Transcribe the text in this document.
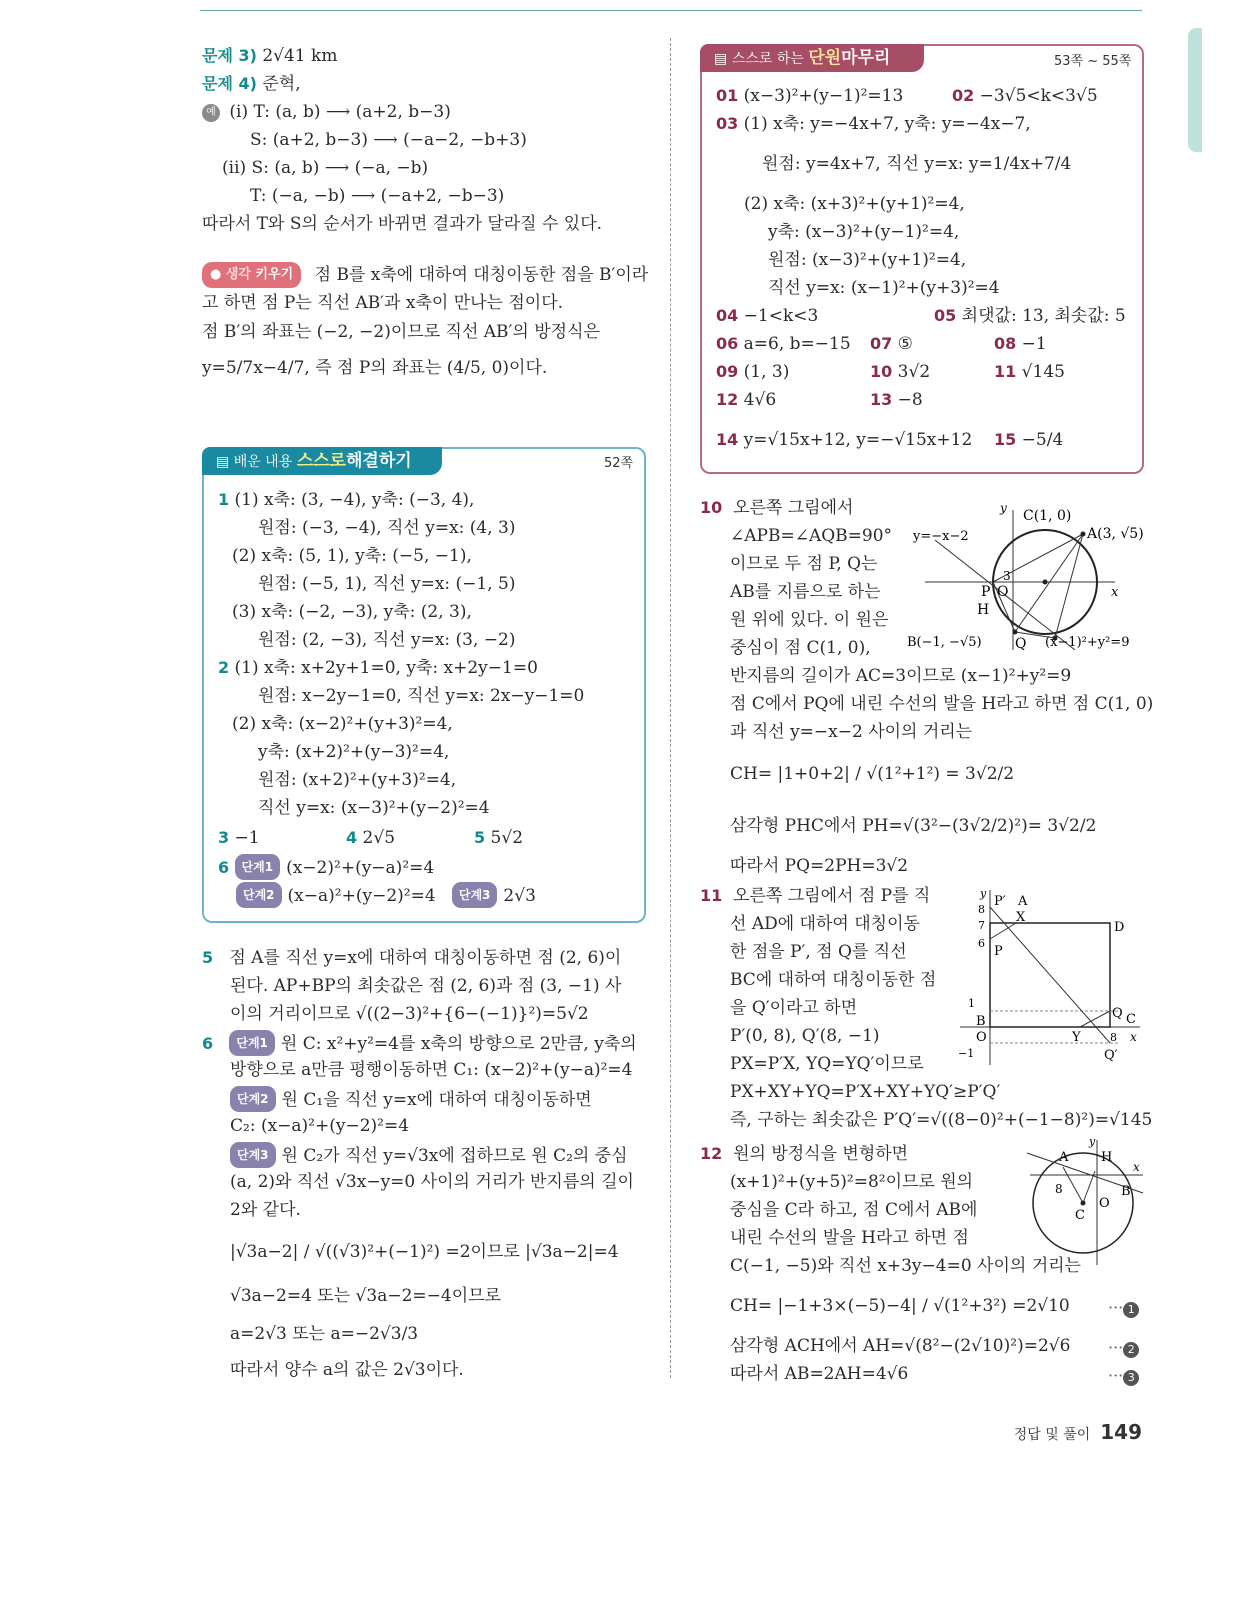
문제 3) 2√41 km
문제 4) 준혁,
예 (i) T: (a, b) ⟶ (a+2, b−3)
S: (a+2, b−3) ⟶ (−a−2, −b+3)
(ii) S: (a, b) ⟶ (−a, −b)
T: (−a, −b) ⟶ (−a+2, −b−3)
따라서 T와 S의 순서가 바뀌면 결과가 달라질 수 있다.
● 생각 키우기 점 B를 x축에 대하여 대칭이동한 점을 B′이라
고 하면 점 P는 직선 AB′과 x축이 만나는 점이다.
점 B′의 좌표는 (−2, −2)이므로 직선 AB′의 방정식은
y=5/7x−4/7, 즉 점 P의 좌표는 (4/5, 0)이다.
▤ 배운 내용 스스로해결하기	52쪽
1 (1) x축: (3, −4), y축: (−3, 4),
원점: (−3, −4), 직선 y=x: (4, 3)
(2) x축: (5, 1), y축: (−5, −1),
원점: (−5, 1), 직선 y=x: (−1, 5)
(3) x축: (−2, −3), y축: (2, 3),
원점: (2, −3), 직선 y=x: (3, −2)
2 (1) x축: x+2y+1=0, y축: x+2y−1=0
원점: x−2y−1=0, 직선 y=x: 2x−y−1=0
(2) x축: (x−2)²+(y+3)²=4,
y축: (x+2)²+(y−3)²=4,
원점: (x+2)²+(y+3)²=4,
직선 y=x: (x−3)²+(y−2)²=4
3 −1	4 2√5	5 5√2
6 단계1 (x−2)²+(y−a)²=4
단계2 (x−a)²+(y−2)²=4 단계3 2√3
5 점 A를 직선 y=x에 대하여 대칭이동하면 점 (2, 6)이
된다. AP+BP의 최솟값은 점 (2, 6)과 점 (3, −1) 사
이의 거리이므로 √((2−3)²+{6−(−1)}²)=5√2
6 단계1 원 C: x²+y²=4를 x축의 방향으로 2만큼, y축의
방향으로 a만큼 평행이동하면 C₁: (x−2)²+(y−a)²=4
단계2 원 C₁을 직선 y=x에 대하여 대칭이동하면
C₂: (x−a)²+(y−2)²=4
단계3 원 C₂가 직선 y=√3x에 접하므로 원 C₂의 중심
(a, 2)와 직선 √3x−y=0 사이의 거리가 반지름의 길이
2와 같다.
|√3a−2| / √((√3)²+(−1)²) =2이므로 |√3a−2|=4
√3a−2=4 또는 √3a−2=−4이므로
a=2√3 또는 a=−2√3/3
따라서 양수 a의 값은 2√3이다.
▤ 스스로 하는 단원마무리	53쪽 ~ 55쪽
01 (x−3)²+(y−1)²=13	02 −3√5<k<3√5
03 (1) x축: y=−4x+7, y축: y=−4x−7,
원점: y=4x+7, 직선 y=x: y=1/4x+7/4
(2) x축: (x+3)²+(y+1)²=4,
y축: (x−3)²+(y−1)²=4,
원점: (x−3)²+(y+1)²=4,
직선 y=x: (x−1)²+(y+3)²=4
04 −1<k<3	05 최댓값: 13, 최솟값: 5
06 a=6, b=−15 07 ⑤	08 −1
09 (1, 3)	10 3√2	11 √145
12 4√6	13 −8
14 y=√15x+12, y=−√15x+12 15 −5/4
10 오른쪽 그림에서
∠APB=∠AQB=90°
이므로 두 점 P, Q는
AB를 지름으로 하는
원 위에 있다. 이 원은
중심이 점 C(1, 0),
반지름의 길이가 AC=3이므로 (x−1)²+y²=9
점 C에서 PQ에 내린 수선의 발을 H라고 하면 점 C(1, 0)
과 직선 y=−x−2 사이의 거리는
CH= |1+0+2| / √(1²+1²) = 3√2/2
삼각형 PHC에서 PH=√(3²−(3√2/2)²)= 3√2/2
따라서 PQ=2PH=3√2
y C(1, 0)
y=−x−2	A(3, √5)
P O
3
x
H
B(−1, −√5) Q (x−1)²+y²=9
11 오른쪽 그림에서 점 P를 직
선 AD에 대하여 대칭이동
한 점을 P′, 점 Q를 직선
BC에 대하여 대칭이동한 점
을 Q′이라고 하면
P′(0, 8), Q′(8, −1)
PX=P′X, YQ=YQ′이므로
PX+XY+YQ=P′X+XY+YQ′≥P′Q′
즉, 구하는 최솟값은 P′Q′=√((8−0)²+(−1−8)²)=√145
y
P′ A
8
X
7	D
6
P
1
B
Q C
O	Y	8 x
−1	Q′
12 원의 방정식을 변형하면
(x+1)²+(y+5)²=8²이므로 원의
중심을 C라 하고, 점 C에서 AB에
내린 수선의 발을 H라고 하면 점
C(−1, −5)와 직선 x+3y−4=0 사이의 거리는
CH= |−1+3×(−5)−4| / √(1²+3²) =2√10
삼각형 ACH에서 AH=√(8²−(2√10)²)=2√6
따라서 AB=2AH=4√6
··· 1
··· 2
··· 3
y
A	H
x
8	B
O
C
정답 및 풀이 149
